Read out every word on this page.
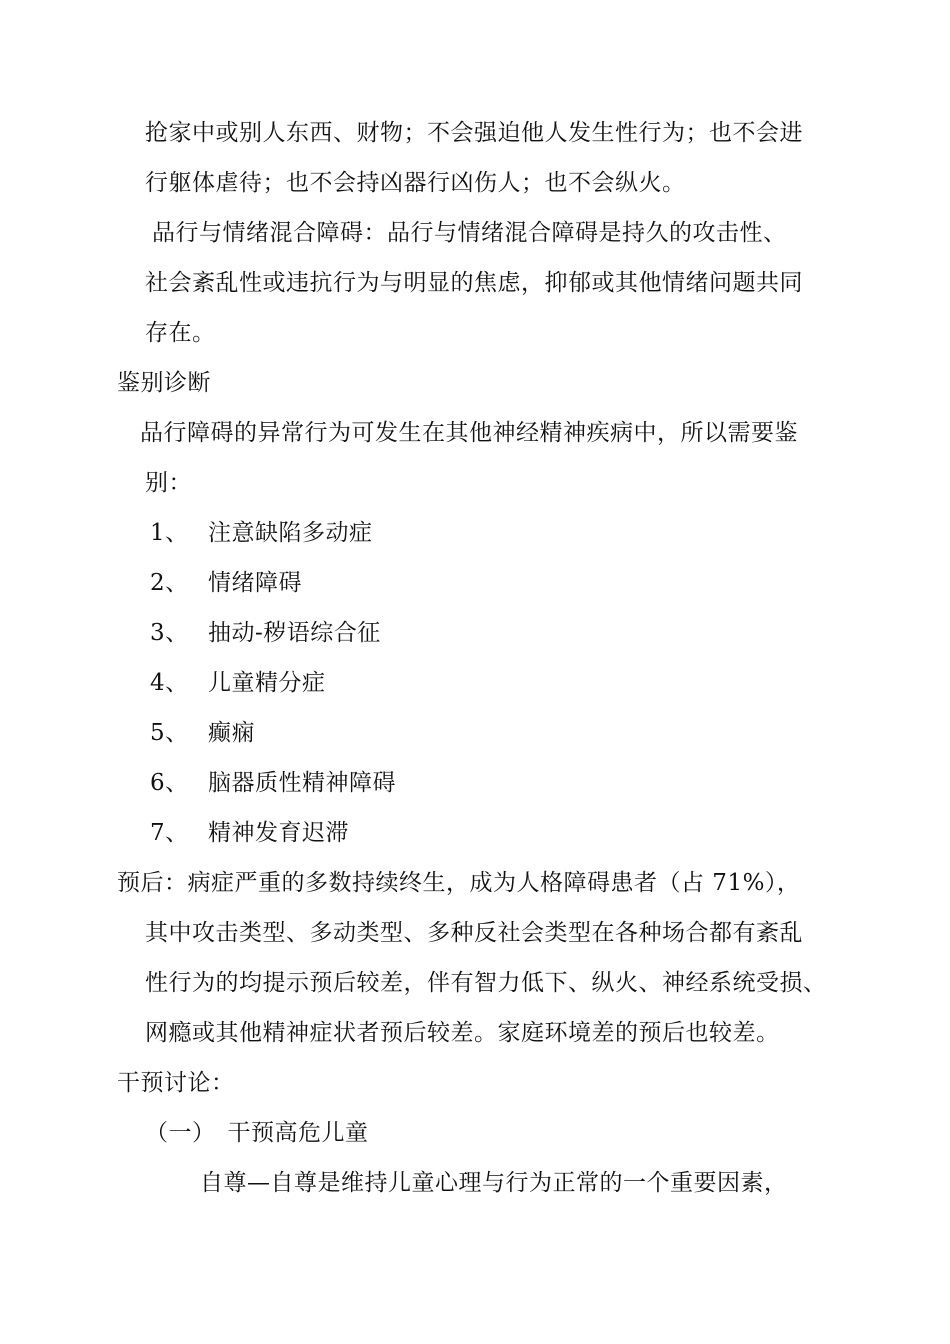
抢家中或别人东西、财物；不会强迫他人发生性行为；也不会进
行躯体虐待；也不会持凶器行凶伤人；也不会纵火。
品行与情绪混合障碍：品行与情绪混合障碍是持久的攻击性、
社会紊乱性或违抗行为与明显的焦虑，抑郁或其他情绪问题共同
存在。
鉴别诊断
品行障碍的异常行为可发生在其他神经精神疾病中，所以需要鉴
别：
1、 注意缺陷多动症
2、 情绪障碍
3、 抽动-秽语综合征
4、 儿童精分症
5、 癫痫
6、 脑器质性精神障碍
7、 精神发育迟滞
预后：病症严重的多数持续终生，成为人格障碍患者（占 71%），
其中攻击类型、多动类型、多种反社会类型在各种场合都有紊乱
性行为的均提示预后较差，伴有智力低下、纵火、神经系统受损、
网瘾或其他精神症状者预后较差。家庭环境差的预后也较差。
干预讨论：
（一）　干预高危儿童
自尊—自尊是维持儿童心理与行为正常的一个重要因素，
